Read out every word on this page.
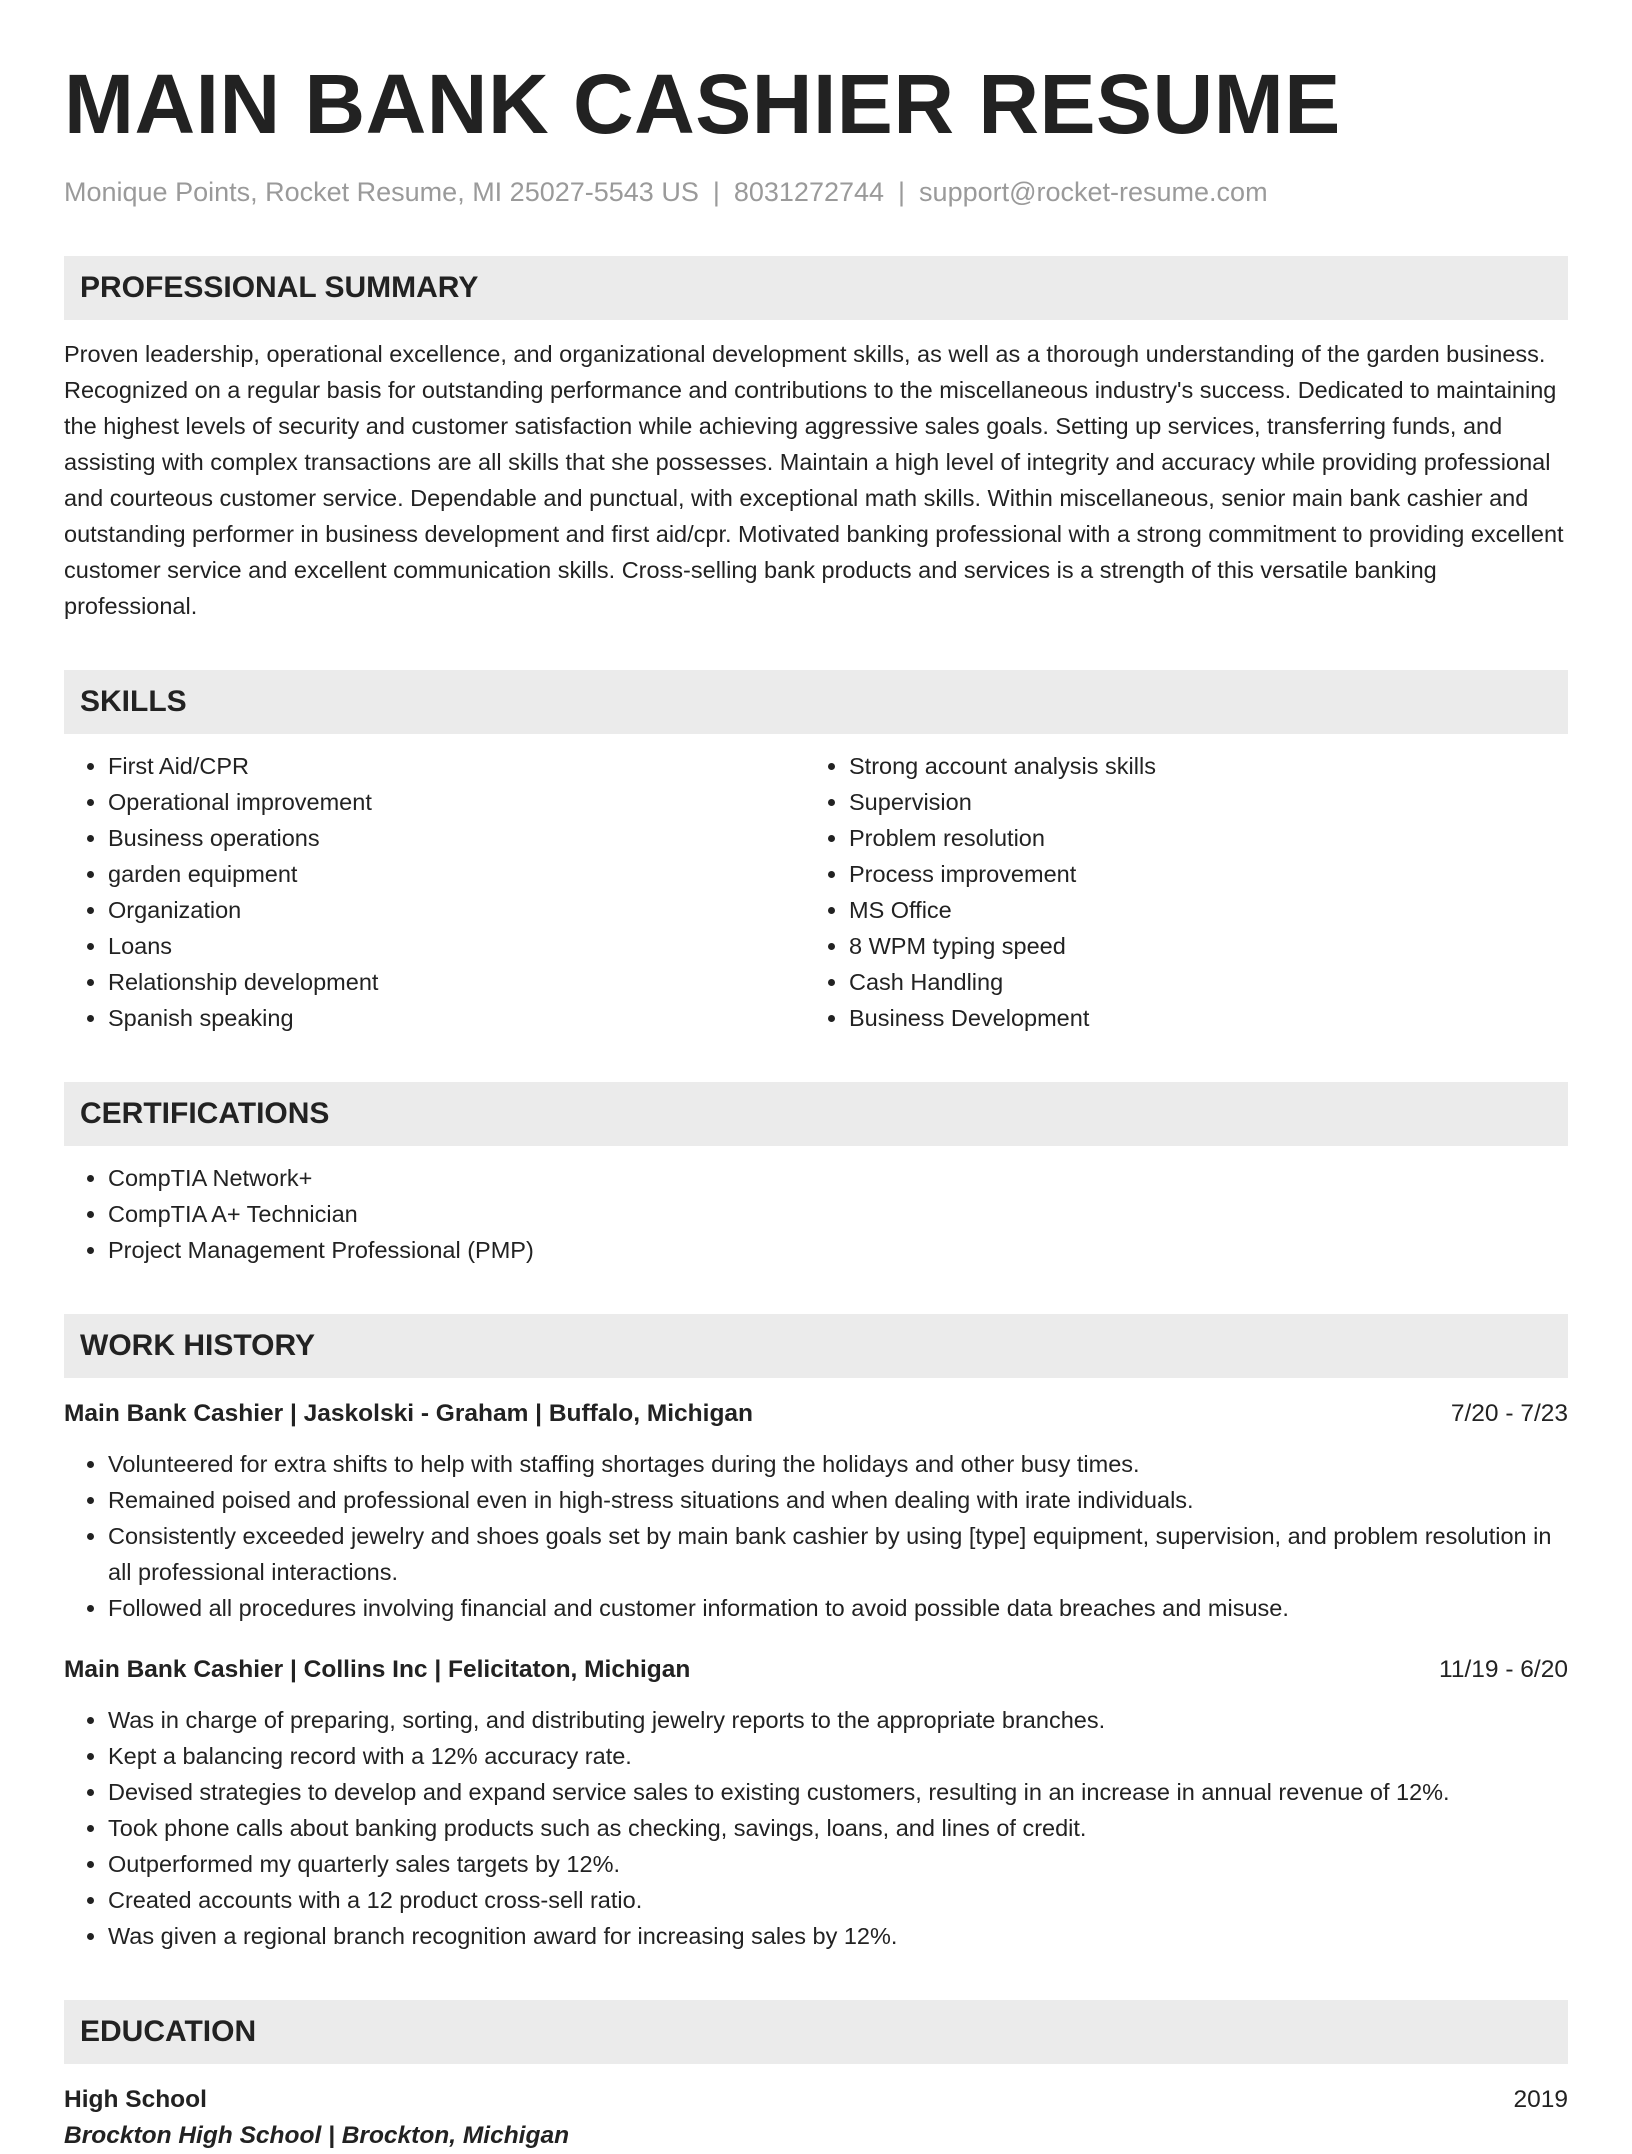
MAIN BANK CASHIER RESUME
Monique Points, Rocket Resume, MI 25027-5543 US | 8031272744 | support@rocket-resume.com
PROFESSIONAL SUMMARY

Proven leadership, operational excellence, and organizational development skills, as well as a thorough understanding of the garden business. Recognized on a regular basis for outstanding performance and contributions to the miscellaneous industry's success. Dedicated to maintaining the highest levels of security and customer satisfaction while achieving aggressive sales goals. Setting up services, transferring funds, and assisting with complex transactions are all skills that she possesses. Maintain a high level of integrity and accuracy while providing professional and courteous customer service. Dependable and punctual, with exceptional math skills. Within miscellaneous, senior main bank cashier and outstanding performer in business development and first aid/cpr. Motivated banking professional with a strong commitment to providing excellent customer service and excellent communication skills. Cross-selling bank products and services is a strength of this versatile banking professional.

SKILLS
• First Aid/CPR
• Operational improvement
• Business operations
• garden equipment
• Organization
• Loans
• Relationship development
• Spanish speaking
• Strong account analysis skills
• Supervision
• Problem resolution
• Process improvement
• MS Office
• 8 WPM typing speed
• Cash Handling
• Business Development
CERTIFICATIONS
• CompTIA Network+
• CompTIA A+ Technician
• Project Management Professional (PMP)
WORK HISTORY
Main Bank Cashier | Jaskolski - Graham | Buffalo, Michigan	7/20 - 7/23
• Volunteered for extra shifts to help with staffing shortages during the holidays and other busy times.
• Remained poised and professional even in high-stress situations and when dealing with irate individuals.
• Consistently exceeded jewelry and shoes goals set by main bank cashier by using [type] equipment, supervision, and problem resolution in all professional interactions.
• Followed all procedures involving financial and customer information to avoid possible data breaches and misuse.
Main Bank Cashier | Collins Inc | Felicitaton, Michigan	11/19 - 6/20
• Was in charge of preparing, sorting, and distributing jewelry reports to the appropriate branches.
• Kept a balancing record with a 12% accuracy rate.
• Devised strategies to develop and expand service sales to existing customers, resulting in an increase in annual revenue of 12%.
• Took phone calls about banking products such as checking, savings, loans, and lines of credit.
• Outperformed my quarterly sales targets by 12%.
• Created accounts with a 12 product cross-sell ratio.
• Was given a regional branch recognition award for increasing sales by 12%.
EDUCATION
High School	2019
Brockton High School | Brockton, Michigan
